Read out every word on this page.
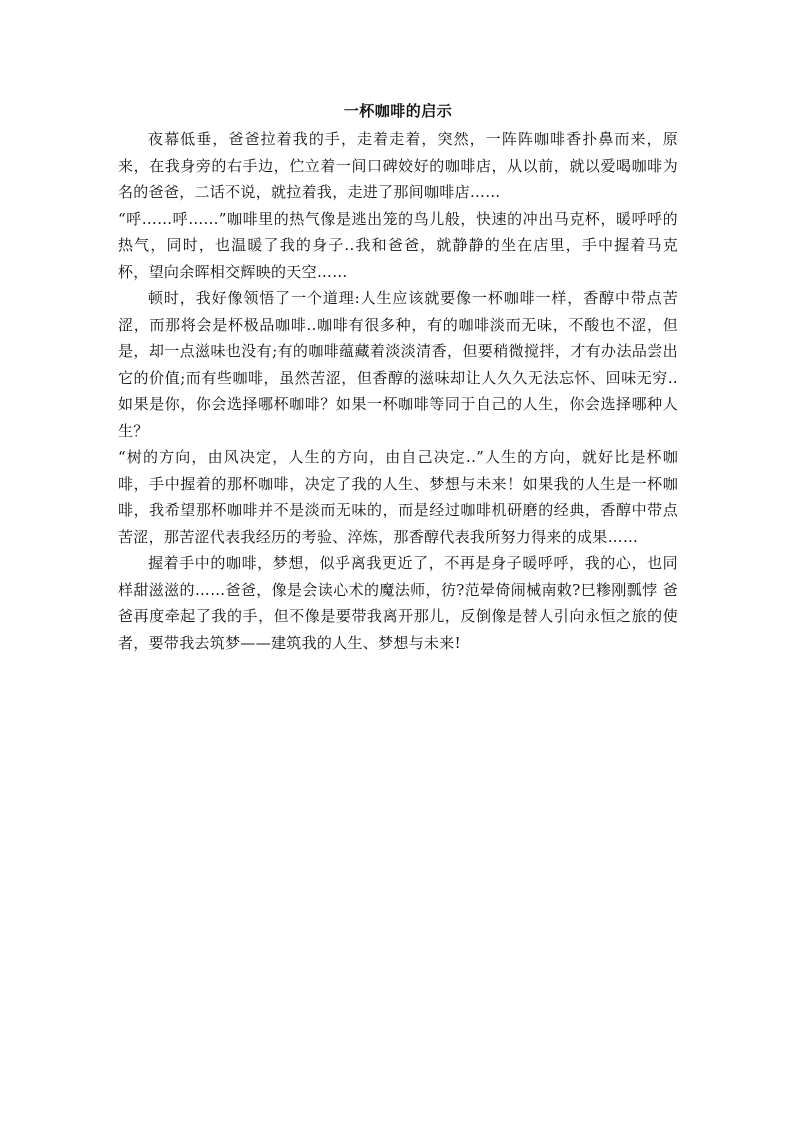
一杯咖啡的启示

夜幕低垂，爸爸拉着我的手，走着走着，突然，一阵阵咖啡香扑鼻而来，原来，在我身旁的右手边，伫立着一间口碑姣好的咖啡店，从以前，就以爱喝咖啡为名的爸爸，二话不说，就拉着我，走进了那间咖啡店……

“呼……呼……”咖啡里的热气像是逃出笼的鸟儿般，快速的冲出马克杯，暖呼呼的热气，同时，也温暖了我的身子..我和爸爸，就静静的坐在店里，手中握着马克杯，望向余晖相交辉映的天空……

顿时，我好像领悟了一个道理:人生应该就要像一杯咖啡一样，香醇中带点苦涩，而那将会是杯极品咖啡..咖啡有很多种，有的咖啡淡而无味，不酸也不涩，但是，却一点滋味也没有;有的咖啡蕴藏着淡淡清香，但要稍微搅拌，才有办法品尝出它的价值;而有些咖啡，虽然苦涩，但香醇的滋味却让人久久无法忘怀、回味无穷..如果是你，你会选择哪杯咖啡？如果一杯咖啡等同于自己的人生，你会选择哪种人生？

“树的方向，由风决定，人生的方向，由自己决定..”人生的方向，就好比是杯咖啡，手中握着的那杯咖啡，决定了我的人生、梦想与未来！如果我的人生是一杯咖啡，我希望那杯咖啡并不是淡而无味的，而是经过咖啡机研磨的经典，香醇中带点苦涩，那苦涩代表我经历的考验、淬炼，那香醇代表我所努力得来的成果……

握着手中的咖啡，梦想，似乎离我更近了，不再是身子暖呼呼，我的心，也同样甜滋滋的……爸爸，像是会读心术的魔法师，彷?范晕倚闹械南敕?巳糁刚瓢悖 爸爸再度牵起了我的手，但不像是要带我离开那儿，反倒像是替人引向永恒之旅的使者，要带我去筑梦——建筑我的人生、梦想与未来!
